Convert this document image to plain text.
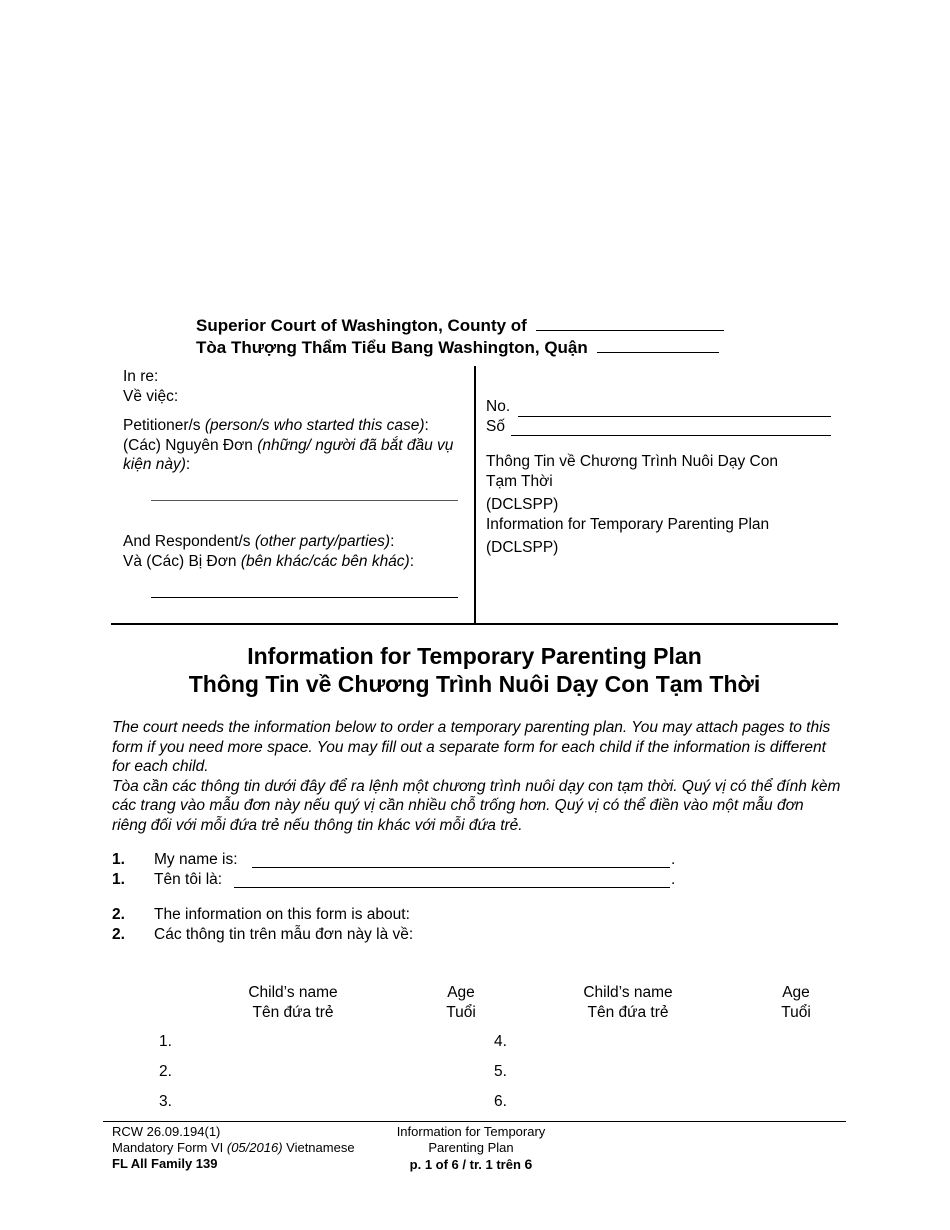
Superior Court of Washington, County of
Tòa Thượng Thẩm Tiểu Bang Washington, Quận

In re:

Về việc:

Petitioner/s (person/s who started this case):

(Các) Nguyên Đơn (những/ người đã bắt đầu vụ kiện này):

And Respondent/s (other party/parties):

Và (Các) Bị Đơn (bên khác/các bên khác):

No.
Số
Thông Tin về Chương Trình Nuôi Dạy Con
Tạm Thời
(DCLSPP)
Information for Temporary Parenting Plan
(DCLSPP)
Information for Temporary Parenting Plan
Thông Tin về Chương Trình Nuôi Dạy Con Tạm Thời
The court needs the information below to order a temporary parenting plan. You may attach pages to this form if you need more space. You may fill out a separate form for each child if the information is different for each child.
Tòa cần các thông tin dưới đây để ra lệnh một chương trình nuôi dạy con tạm thời. Quý vị có thể đính kèm các trang vào mẫu đơn này nếu quý vị cần nhiều chỗ trống hơn. Quý vị có thể điền vào một mẫu đơn riêng đối với mỗi đứa trẻ nếu thông tin khác với mỗi đứa trẻ.
1. My name is:	.
1. Tên tôi là:	.
2. The information on this form is about:
2. Các thông tin trên mẫu đơn này là về:
Child’s name
Tên đứa trẻ
Age
Tuổi
Child’s name
Tên đứa trẻ
Age
Tuổi
1.
2.
3.
4.
5.
6.
RCW 26.09.194(1)
Mandatory Form VI (05/2016) Vietnamese
FL All Family 139
Information for Temporary
Parenting Plan
p. 1 of 6 / tr. 1 trên 6
